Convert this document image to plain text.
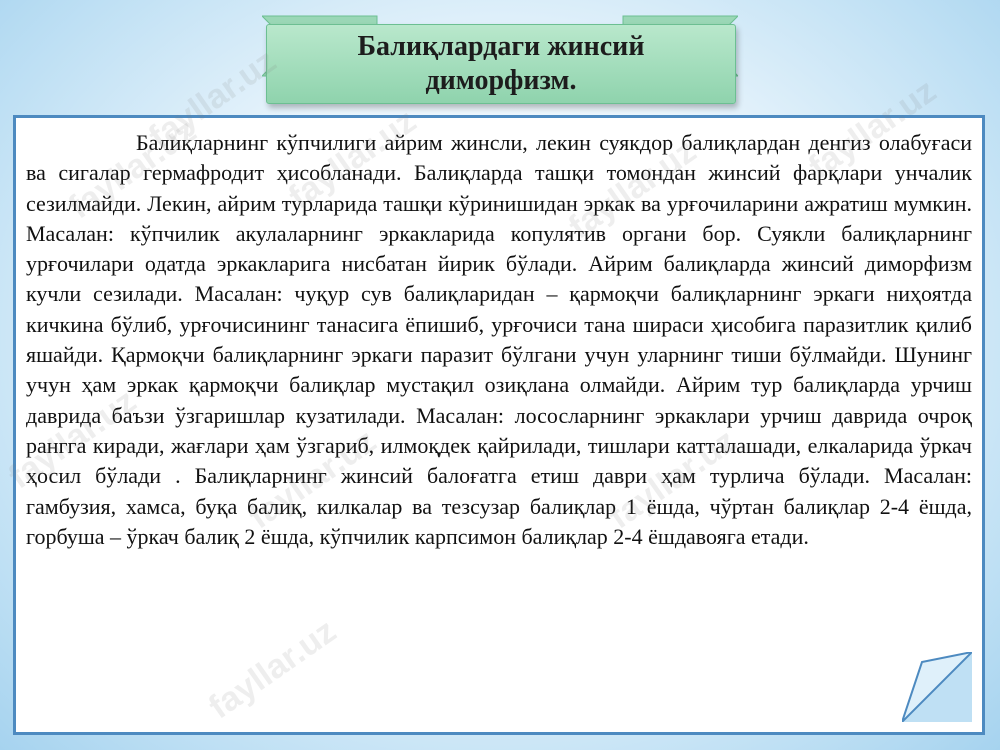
Балиқлардаги жинсий диморфизм.

Балиқларнинг кўпчилиги айрим жинсли, лекин суякдор балиқлардан денгиз олабуғаси ва сигалар гермафродит ҳисобланади. Балиқларда ташқи томондан жинсий фарқлари унчалик сезилмайди. Лекин, айрим турларида ташқи кўринишидан эркак ва урғочиларини ажратиш мумкин. Масалан: кўпчилик акулаларнинг эркакларида копулятив органи бор. Суякли балиқларнинг урғочилари одатда эркакларига нисбатан йирик бўлади. Айрим балиқларда жинсий диморфизм кучли сезилади. Масалан: чуқур сув балиқларидан – қармоқчи балиқларнинг эркаги ниҳоятда кичкина бўлиб, урғочисининг танасига ёпишиб, урғочиси тана шираси ҳисобига паразитлик қилиб яшайди. Қармоқчи балиқларнинг эркаги паразит бўлгани учун уларнинг тиши бўлмайди. Шунинг учун ҳам эркак қармоқчи балиқлар мустақил озиқлана олмайди. Айрим тур балиқларда урчиш даврида баъзи ўзгаришлар кузатилади. Масалан: лососларнинг эркаклари урчиш даврида очроқ рангга киради, жағлари ҳам ўзгариб, илмоқдек қайрилади, тишлари катталашади, елкаларида ўркач ҳосил бўлади . Балиқларнинг жинсий балоғатга етиш даври ҳам турлича бўлади. Масалан: гамбузия, хамса, буқа балиқ, килкалар ва тезсузар балиқлар 1 ёшда, чўртан балиқлар 2-4 ёшда, горбуша – ўркач балиқ 2 ёшда, кўпчилик карпсимон балиқлар 2-4 ёшдавояга етади.

fayllar.uz
